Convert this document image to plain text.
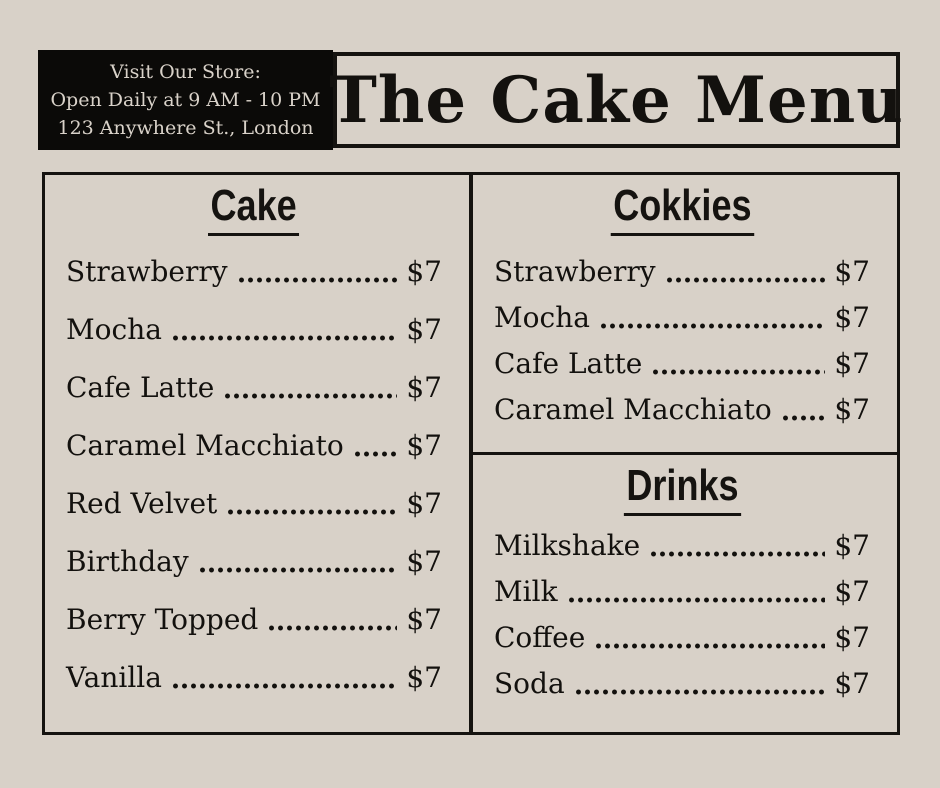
Visit Our Store:
Open Daily at 9 AM - 10 PM
123 Anywhere St., London The Cake Menu
Cake
Strawberry	$7
Mocha	$7
Cafe Latte	$7
Caramel Macchiato $7
Red Velvet	$7
Birthday	$7
Berry Topped	$7
Vanilla	$7
Cokkies
Strawberry	$7
Mocha	$7
Cafe Latte	$7
Caramel Macchiato $7
Drinks
Milkshake	$7
Milk	$7
Coffee	$7
Soda	$7
